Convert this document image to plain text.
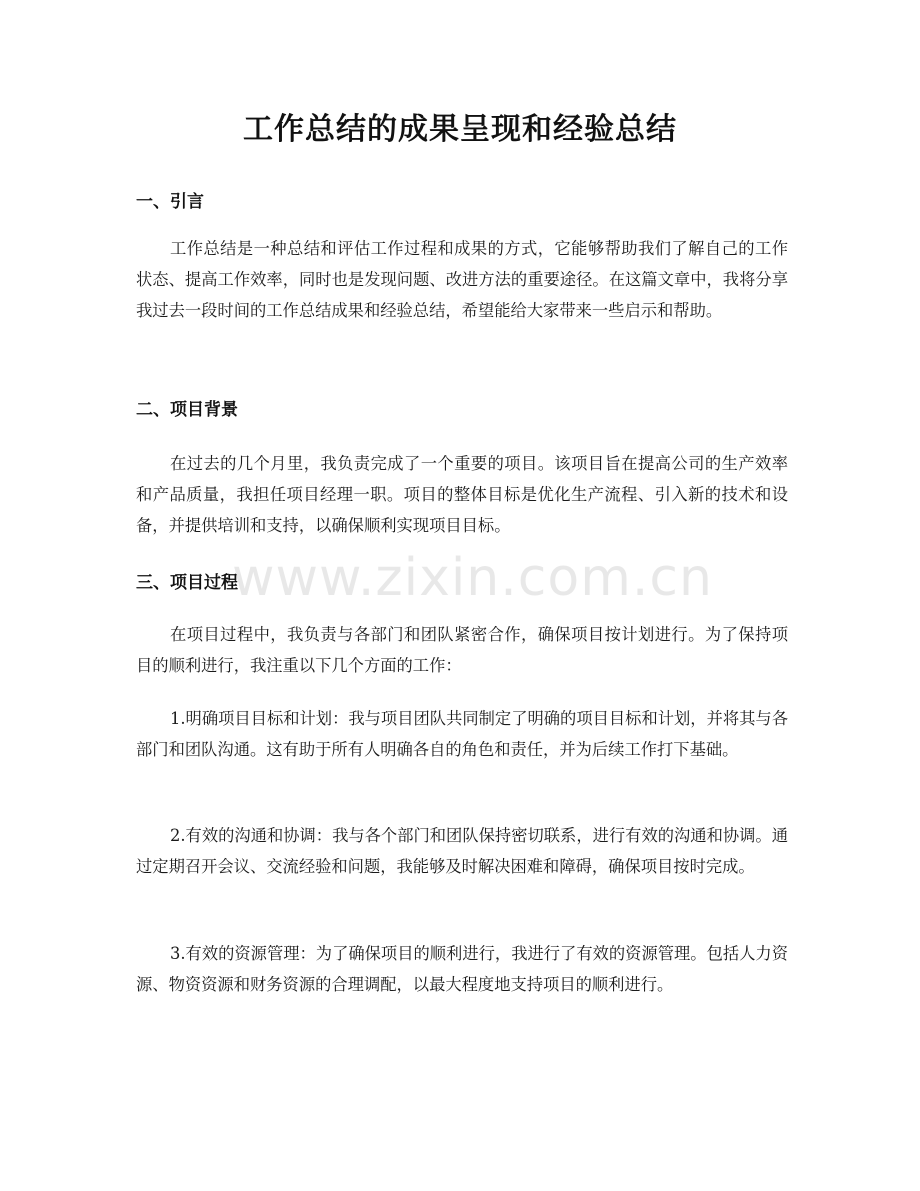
工作总结的成果呈现和经验总结
一、引言
工作总结是一种总结和评估工作过程和成果的方式，它能够帮助我们了解自己的工作状态、提高工作效率，同时也是发现问题、改进方法的重要途径。在这篇文章中，我将分享我过去一段时间的工作总结成果和经验总结，希望能给大家带来一些启示和帮助。
二、项目背景
在过去的几个月里，我负责完成了一个重要的项目。该项目旨在提高公司的生产效率和产品质量，我担任项目经理一职。项目的整体目标是优化生产流程、引入新的技术和设备，并提供培训和支持，以确保顺利实现项目目标。
三、项目过程
在项目过程中，我负责与各部门和团队紧密合作，确保项目按计划进行。为了保持项目的顺利进行，我注重以下几个方面的工作：
1.明确项目目标和计划：我与项目团队共同制定了明确的项目目标和计划，并将其与各部门和团队沟通。这有助于所有人明确各自的角色和责任，并为后续工作打下基础。
2.有效的沟通和协调：我与各个部门和团队保持密切联系，进行有效的沟通和协调。通过定期召开会议、交流经验和问题，我能够及时解决困难和障碍，确保项目按时完成。
3.有效的资源管理：为了确保项目的顺利进行，我进行了有效的资源管理。包括人力资源、物资资源和财务资源的合理调配，以最大程度地支持项目的顺利进行。
www.zixin.com.cn
